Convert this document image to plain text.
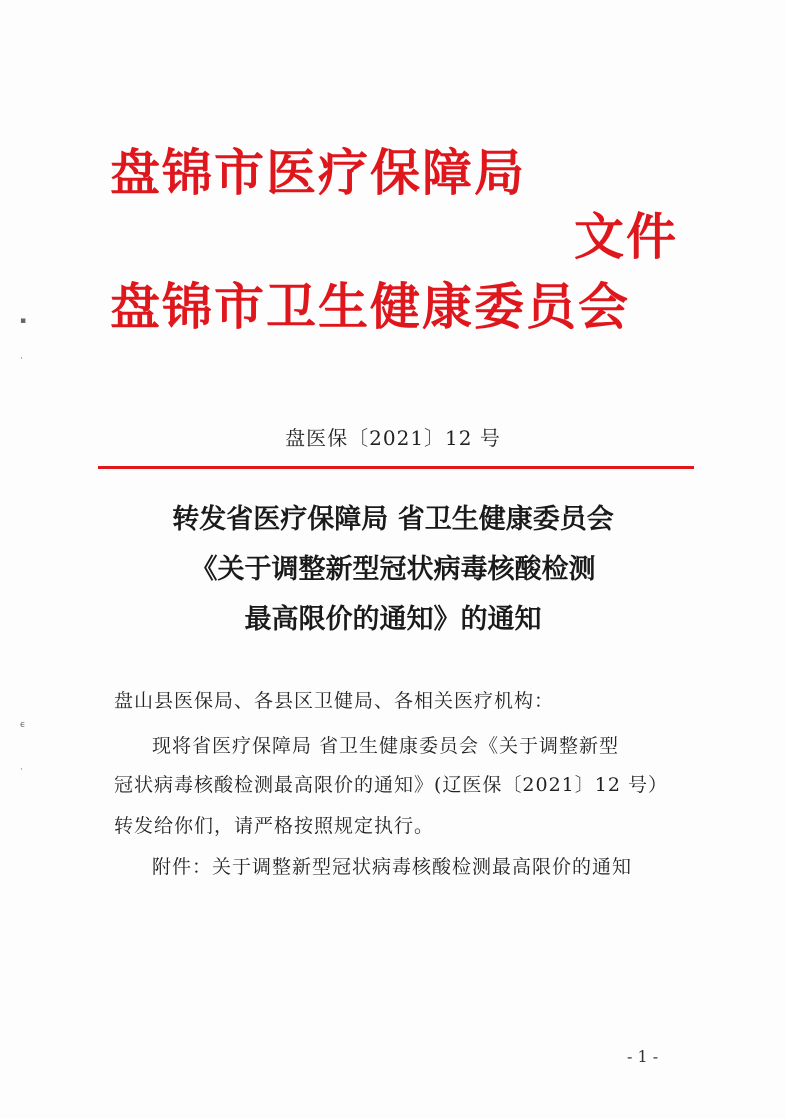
盘锦市医疗保障局
文件
盘锦市卫生健康委员会
▪
·
ϵ
·
盘医保〔2021〕12 号
转发省医疗保障局 省卫生健康委员会
《关于调整新型冠状病毒核酸检测
最高限价的通知》的通知
盘山县医保局、各县区卫健局、各相关医疗机构：
现将省医疗保障局 省卫生健康委员会《关于调整新型
冠状病毒核酸检测最高限价的通知》(辽医保〔2021〕12 号）
转发给你们，请严格按照规定执行。
附件：关于调整新型冠状病毒核酸检测最高限价的通知
- 1 -
